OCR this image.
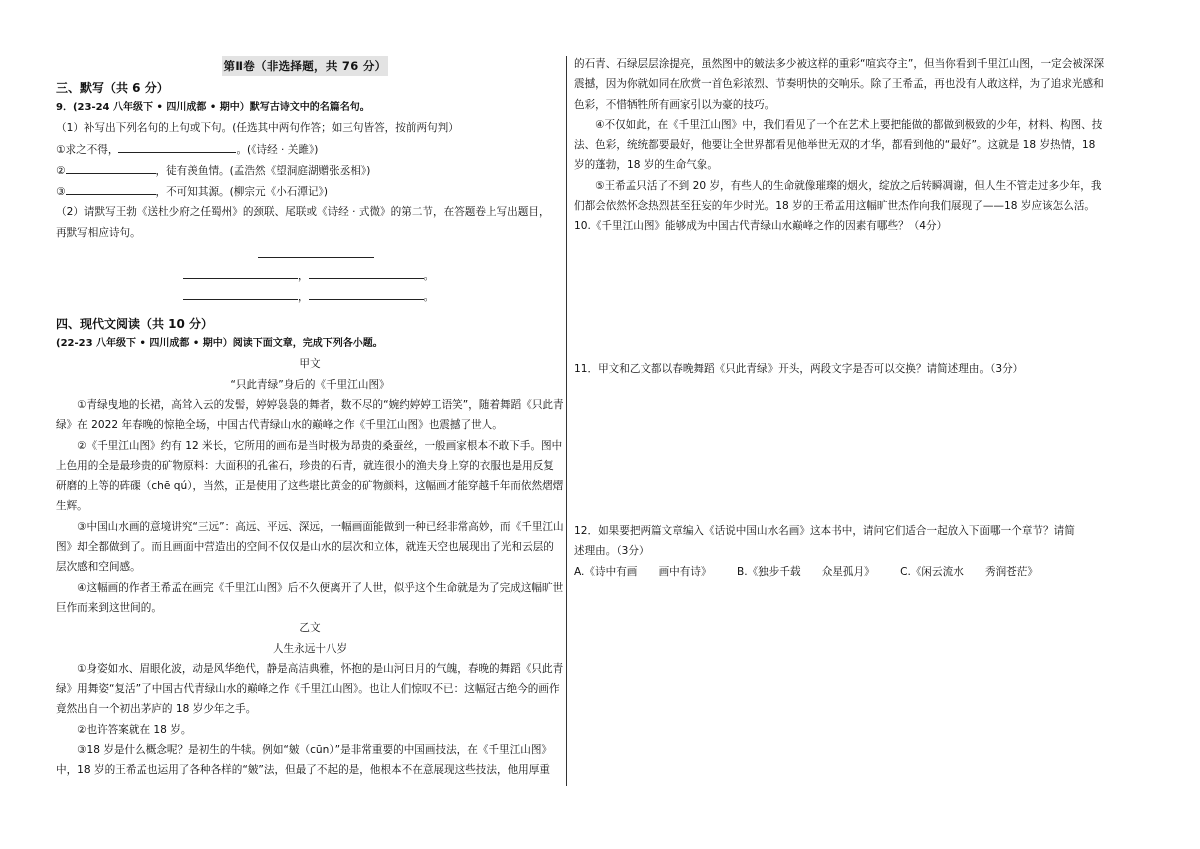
第Ⅱ卷（非选择题，共 76 分）
三、默写（共 6 分）

9．(23-24 八年级下 • 四川成都 • 期中）默写古诗文中的名篇名句。

（1）补写出下列名句的上句或下句。(任选其中两句作答；如三句皆答，按前两句判）

①求之不得，	。(《诗经 · 关雎》)

②	，徒有羡鱼情。(孟浩然《望洞庭湖赠张丞相》)

③	，不可知其源。(柳宗元《小石潭记》)

（2）请默写王勃《送杜少府之任蜀州》的颈联、尾联或《诗经 · 式微》的第二节，在答题卷上写出题目，

再默写相应诗句。

，	。
，	。
四、现代文阅读（共 10 分）

(22-23 八年级下 • 四川成都 • 期中）阅读下面文章，完成下列各小题。

甲文

“只此青绿”身后的《千里江山图》

①青绿曳地的长裙，高耸入云的发髻，婷婷袅袅的舞者，数不尽的“婉约婷婷工语笑”，随着舞蹈《只此青绿》在 2022 年春晚的惊艳全场，中国古代青绿山水的巅峰之作《千里江山图》也震撼了世人。

②《千里江山图》约有 12 米长，它所用的画布是当时极为昂贵的桑蚕丝，一般画家根本不敢下手。图中上色用的全是最珍贵的矿物原料：大面积的孔雀石，珍贵的石青，就连很小的渔夫身上穿的衣服也是用反复研磨的上等的砗磲（chē qú），当然，正是使用了这些堪比黄金的矿物颜料，这幅画才能穿越千年而依然熠熠生辉。

③中国山水画的意境讲究“三远”：高远、平远、深远，一幅画面能做到一种已经非常高妙，而《千里江山图》却全都做到了。而且画面中营造出的空间不仅仅是山水的层次和立体，就连天空也展现出了光和云层的层次感和空间感。

④这幅画的作者王希孟在画完《千里江山图》后不久便离开了人世，似乎这个生命就是为了完成这幅旷世巨作而来到这世间的。

乙文

人生永远十八岁

①身姿如水、眉眼化波，动是风华绝代，静是高洁典雅，怀抱的是山河日月的气魄，春晚的舞蹈《只此青绿》用舞姿“复活”了中国古代青绿山水的巅峰之作《千里江山图》。也让人们惊叹不已：这幅冠古绝今的画作竟然出自一个初出茅庐的 18 岁少年之手。

②也许答案就在 18 岁。

③18 岁是什么概念呢？是初生的牛犊。例如“皴（cūn）”是非常重要的中国画技法，在《千里江山图》中，18 岁的王希孟也运用了各种各样的“皴”法，但最了不起的是，他根本不在意展现这些技法，他用厚重

的石青、石绿层层涂提亮，虽然图中的皴法多少被这样的重彩“喧宾夺主”，但当你看到千里江山图，一定会被深深震撼，因为你就如同在欣赏一首色彩浓烈、节奏明快的交响乐。除了王希孟，再也没有人敢这样，为了追求光感和色彩，不惜牺牲所有画家引以为豪的技巧。

④不仅如此，在《千里江山图》中，我们看见了一个在艺术上要把能做的都做到极致的少年，材料、构图、技法、色彩，统统都要最好，他要让全世界都看见他举世无双的才华，都看到他的“最好”。这就是 18 岁热情，18 岁的蓬勃，18 岁的生命气象。

⑤王希孟只活了不到 20 岁，有些人的生命就像璀璨的烟火，绽放之后转瞬凋谢，但人生不管走过多少年，我们都会依然怀念热烈甚至狂妄的年少时光。18 岁的王希孟用这幅旷世杰作向我们展现了——18 岁应该怎么活。

10.《千里江山图》能够成为中国古代青绿山水巅峰之作的因素有哪些？（4分）

11．甲文和乙文都以春晚舞蹈《只此青绿》开头，两段文字是否可以交换？请简述理由。（3分）

12．如果要把两篇文章编入《话说中国山水名画》这本书中，请问它们适合一起放入下面哪一个章节？请简

述理由。（3分）

A.《诗中有画　　画中有诗》 B.《独步千载　　众星孤月》 C.《闲云流水　　秀润苍茫》
